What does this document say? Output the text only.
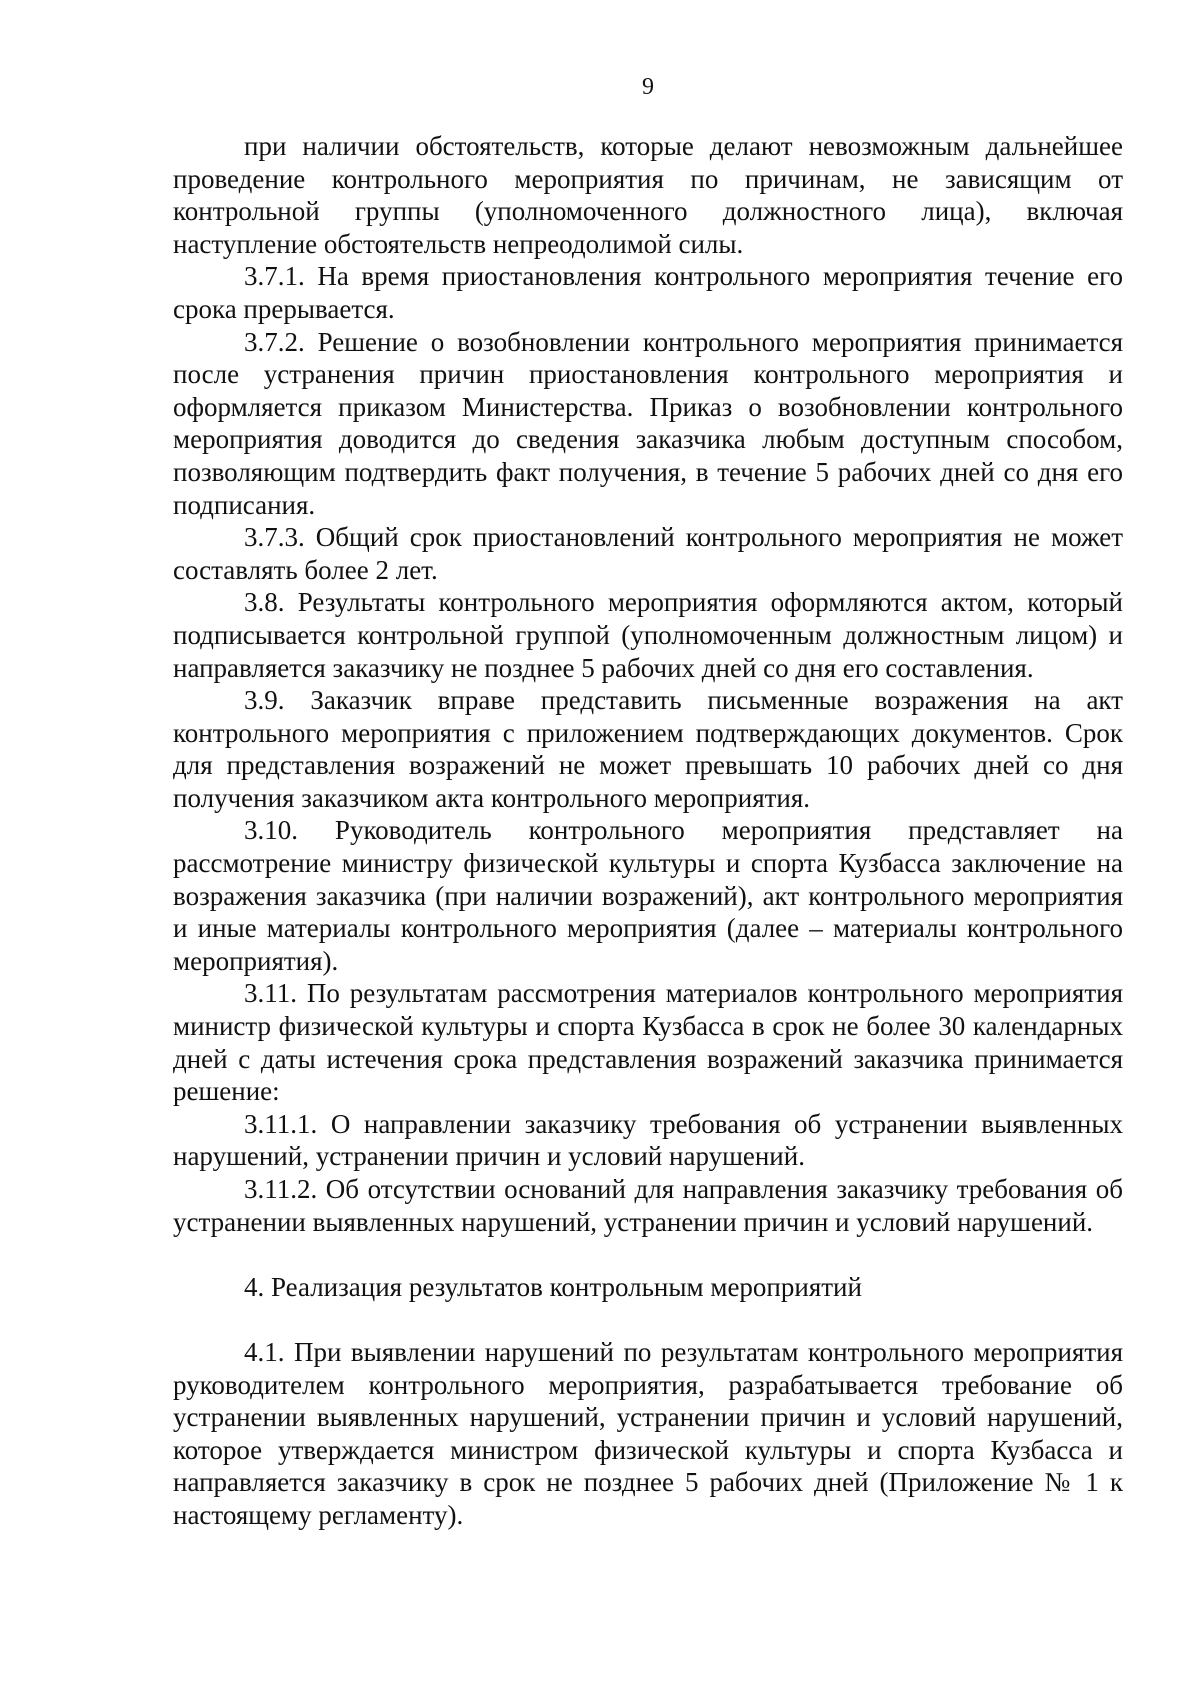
9

при наличии обстоятельств, которые делают невозможным дальнейшее проведение контрольного мероприятия по причинам, не зависящим от контрольной группы (уполномоченного должностного лица), включая наступление обстоятельств непреодолимой силы.

3.7.1. На время приостановления контрольного мероприятия течение его срока прерывается.

3.7.2. Решение о возобновлении контрольного мероприятия принимается после устранения причин приостановления контрольного мероприятия и оформляется приказом Министерства. Приказ о возобновлении контрольного мероприятия доводится до сведения заказчика любым доступным способом, позволяющим подтвердить факт получения, в течение 5 рабочих дней со дня его подписания.

3.7.3. Общий срок приостановлений контрольного мероприятия не может составлять более 2 лет.

3.8. Результаты контрольного мероприятия оформляются актом, который подписывается контрольной группой (уполномоченным должностным лицом) и направляется заказчику не позднее 5 рабочих дней со дня его составления.

3.9. Заказчик вправе представить письменные возражения на акт контрольного мероприятия с приложением подтверждающих документов. Срок для представления возражений не может превышать 10 рабочих дней со дня получения заказчиком акта контрольного мероприятия.

3.10. Руководитель контрольного мероприятия представляет на рассмотрение министру физической культуры и спорта Кузбасса заключение на возражения заказчика (при наличии возражений), акт контрольного мероприятия и иные материалы контрольного мероприятия (далее – материалы контрольного мероприятия).

3.11. По результатам рассмотрения материалов контрольного мероприятия министр физической культуры и спорта Кузбасса в срок не более 30 календарных дней с даты истечения срока представления возражений заказчика принимается решение:

3.11.1. О направлении заказчику требования об устранении выявленных нарушений, устранении причин и условий нарушений.

3.11.2. Об отсутствии оснований для направления заказчику требования об устранении выявленных нарушений, устранении причин и условий нарушений.

4. Реализация результатов контрольным мероприятий

4.1. При выявлении нарушений по результатам контрольного мероприятия руководителем контрольного мероприятия, разрабатывается требование об устранении выявленных нарушений, устранении причин и условий нарушений, которое утверждается министром физической культуры и спорта Кузбасса и направляется заказчику в срок не позднее 5 рабочих дней (Приложение № 1 к настоящему регламенту).
